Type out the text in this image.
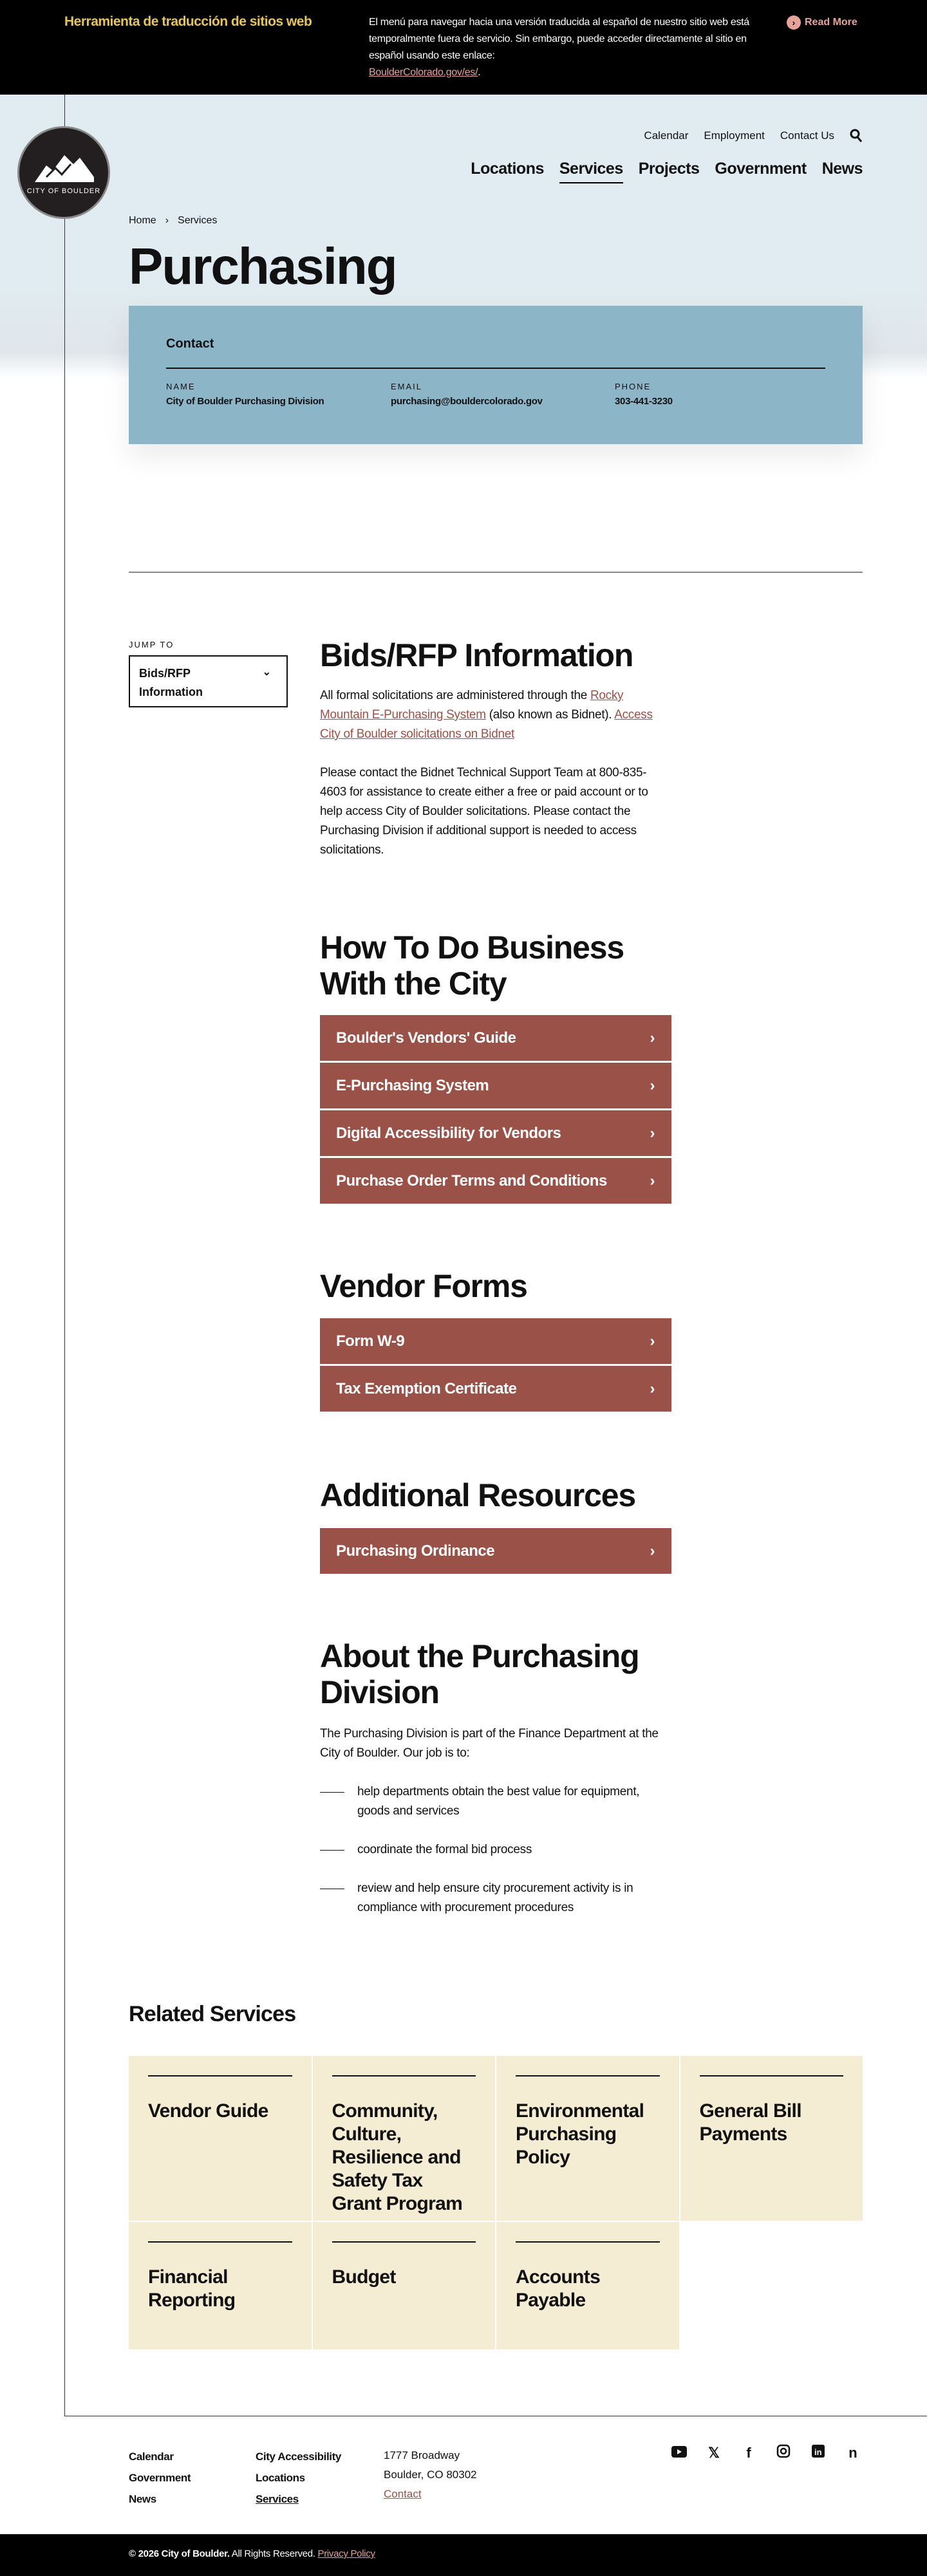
Herramienta de traducción de sitios web	El menú para navegar hacia una versión traducida al español de nuestro sitio web está temporalmente fuera de servicio. Sin embargo, puede acceder directamente al sitio en español usando este enlace:
BoulderColorado.gov/es/.
› Read More
CITY OF BOULDER
Calendar Employment Contact Us
Locations Services Projects Government News
Home › Services
Purchasing
Contact
NAME
City of Boulder Purchasing Division
EMAIL
purchasing@bouldercolorado.gov
PHONE
303-441-3230
JUMP TO
Bids/RFP Information
⌄ Bids/RFP Information

All formal solicitations are administered through the Rocky Mountain E-Purchasing System (also known as Bidnet). Access City of Boulder solicitations on Bidnet

Please contact the Bidnet Technical Support Team at 800-835-4603 for assistance to create either a free or paid account or to help access City of Boulder solicitations. Please contact the Purchasing Division if additional support is needed to access solicitations.

How To Do Business With the City
Boulder's Vendors' Guide	›
E-Purchasing System	›
Digital Accessibility for Vendors	›
Purchase Order Terms and Conditions	›
Vendor Forms
Form W-9	›
Tax Exemption Certificate	›
Additional Resources
Purchasing Ordinance	›
About the Purchasing Division

The Purchasing Division is part of the Finance Department at the City of Boulder. Our job is to:

help departments obtain the best value for equipment, goods and services
coordinate the formal bid process
review and help ensure city procurement activity is in compliance with procurement procedures
Related Services
Vendor Guide	Community, Culture, Resilience and Safety Tax Grant Program
Environmental Purchasing Policy
General Bill Payments
Financial Reporting
Budget	Accounts Payable
Calendar
Government
News
City Accessibility
Locations
Services
1777 Broadway
Boulder, CO 80302
Contact
𝕏	f	in n
© 2026 City of Boulder. All Rights Reserved. Privacy Policy
